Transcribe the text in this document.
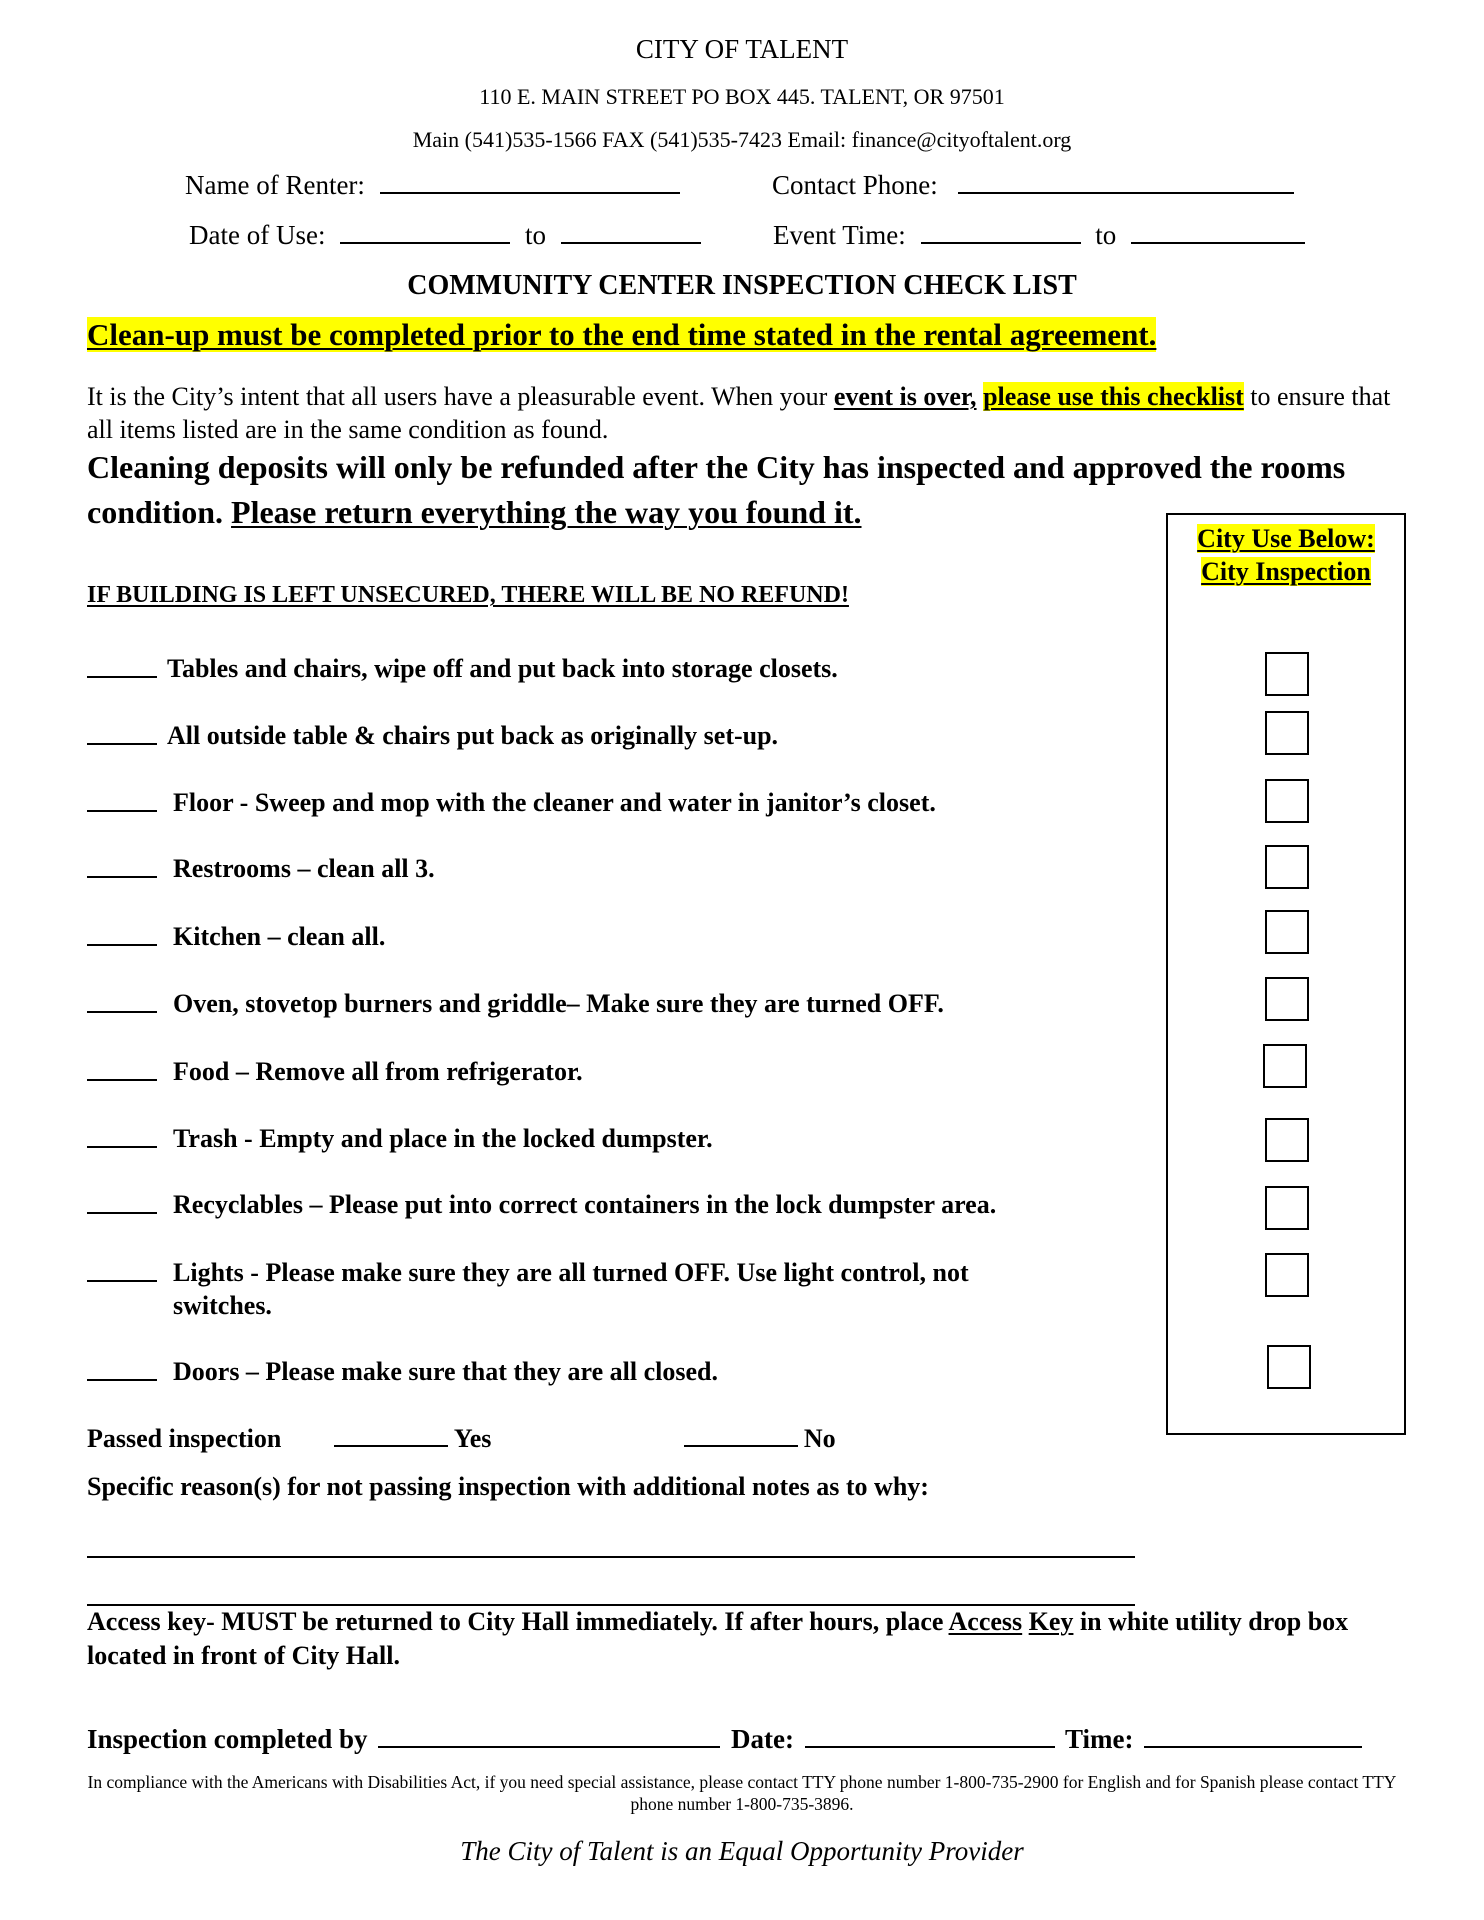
CITY OF TALENT
110 E. MAIN STREET PO BOX 445. TALENT, OR 97501
Main (541)535-1566 FAX (541)535-7423 Email: finance@cityoftalent.org
Name of Renter:	Contact Phone:
Date of Use:	to	Event Time:	to
COMMUNITY CENTER INSPECTION CHECK LIST
Clean-up must be completed prior to the end time stated in the rental agreement.
It is the City’s intent that all users have a pleasurable event. When your event is over, please use this checklist to ensure that all items listed are in the same condition as found.
Cleaning deposits will only be refunded after the City has inspected and approved the rooms condition. Please return everything the way you found it.
IF BUILDING IS LEFT UNSECURED, THERE WILL BE NO REFUND!
City Use Below:
City Inspection
Tables and chairs, wipe off and put back into storage closets.
All outside table & chairs put back as originally set-up.
Floor - Sweep and mop with the cleaner and water in janitor’s closet.
Restrooms – clean all 3.
Kitchen – clean all.
Oven, stovetop burners and griddle– Make sure they are turned OFF.
Food – Remove all from refrigerator.
Trash - Empty and place in the locked dumpster.
Recyclables – Please put into correct containers in the lock dumpster area.
Lights - Please make sure they are all turned OFF. Use light control, not switches.
Doors – Please make sure that they are all closed.
Passed inspection	Yes	No
Specific reason(s) for not passing inspection with additional notes as to why:
Access key- MUST be returned to City Hall immediately. If after hours, place Access Key in white utility drop box located in front of City Hall.
Inspection completed by	Date:	Time:
In compliance with the Americans with Disabilities Act, if you need special assistance, please contact TTY phone number 1-800-735-2900 for English and for Spanish please contact TTY phone number 1-800-735-3896.
The City of Talent is an Equal Opportunity Provider
